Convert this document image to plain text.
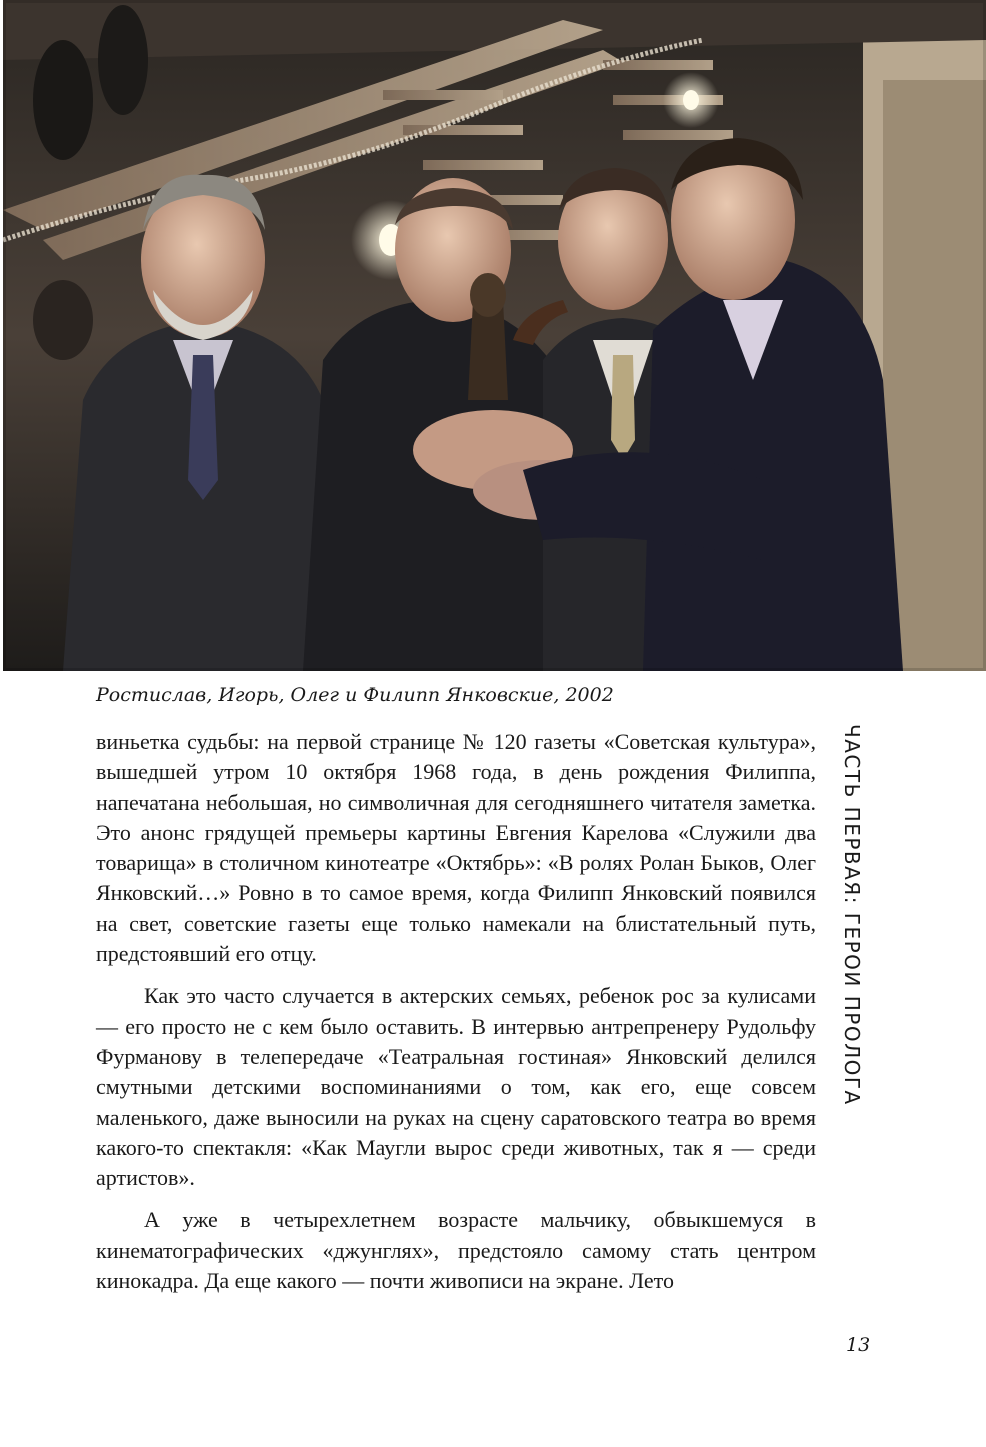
Ростислав, Игорь, Олег и Филипп Янковские, 2002

виньетка судьбы: на первой странице № 120 газеты «Советская культура», вышедшей утром 10 октября 1968 года, в день рождения Филиппа, напечатана небольшая, но символичная для сегодняшнего читателя заметка. Это анонс грядущей премьеры картины Евгения Карелова «Служили два товарища» в столичном кинотеатре «Октябрь»: «В ролях Ролан Быков, Олег Янковский…» Ровно в то самое время, когда Филипп Янковский появился на свет, советские газеты еще только намекали на блистательный путь, предстоявший его отцу.

Как это часто случается в актерских семьях, ребенок рос за кулисами — его просто не с кем было оставить. В интервью антрепренеру Рудольфу Фурманову в телепередаче «Театральная гостиная» Янковский делился смутными детскими воспоминаниями о том, как его, еще совсем маленького, даже выносили на руках на сцену саратовского театра во время какого-то спектакля: «Как Маугли вырос среди животных, так я — среди артистов».

А уже в четырехлетнем возрасте мальчику, обвыкшемуся в кинематографических «джунглях», предстояло самому стать центром кинокадра. Да еще какого — почти живописи на экране. Лето

ЧАСТЬ ПЕРВАЯ: ГЕРОИ ПРОЛОГА
13
